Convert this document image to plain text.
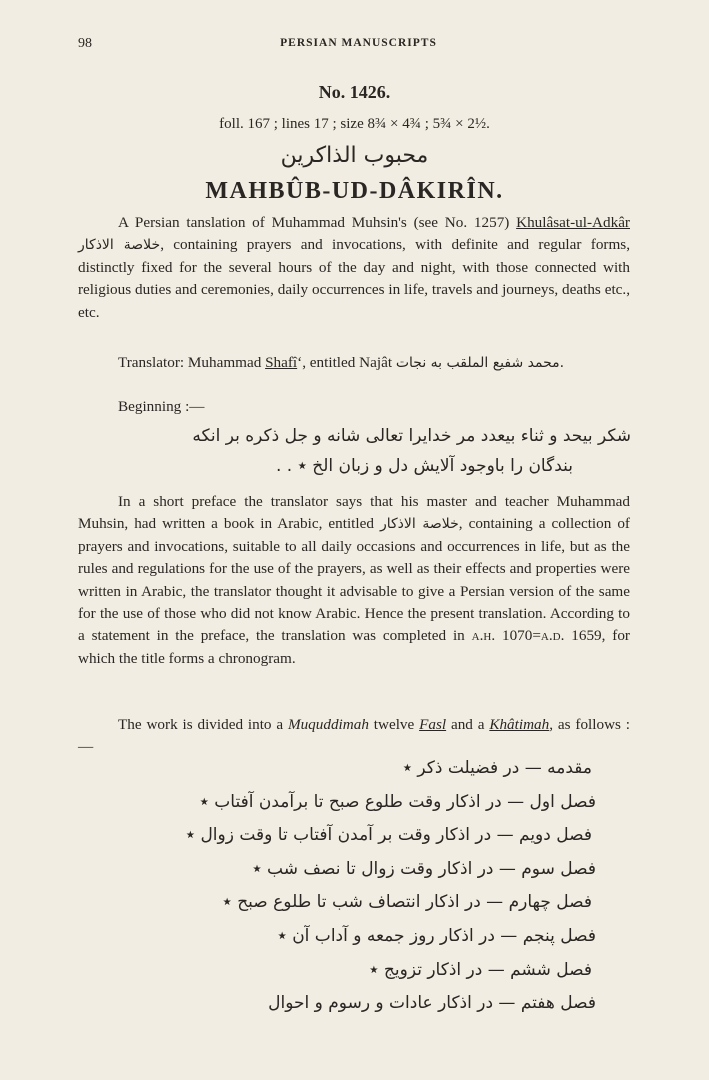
98	PERSIAN MANUSCRIPTS
No. 1426.
foll. 167 ; lines 17 ; size 8¾ × 4¾ ; 5¾ × 2½.
محبوب الذاکرین
MAHBÛB-UD-DÂKIRÎN.

A Persian tanslation of Muhammad Muhsin's (see No. 1257) Khulâsat-ul-Adkâr خلاصة الاذکار, containing prayers and invocations, with definite and regular forms, distinctly fixed for the several hours of the day and night, with those connected with religious duties and ceremonies, daily occurrences in life, travels and journeys, deaths etc., etc.

Translator: Muhammad Shafî‘, entitled Najât محمد شفیع الملقب به نجات.

Beginning :—
شکر بیحد و ثناء بیعدد مر خدایرا تعالی شانه و جل ذکره بر انکه
بندگان را باوجود آلایش دل و زبان الخ ٭ . .

In a short preface the translator says that his master and teacher Muhammad Muhsin, had written a book in Arabic, entitled خلاصة الاذکار, containing a collection of prayers and invocations, suitable to all daily occasions and occurrences in life, but as the rules and regulations for the use of the prayers, as well as their effects and properties were written in Arabic, the translator thought it advisable to give a Persian version of the same for the use of those who did not know Arabic. Hence the present translation. According to a statement in the preface, the translation was completed in a.h. 1070=a.d. 1659, for which the title forms a chronogram.

The work is divided into a Muquddimah twelve Fasl and a Khâtimah, as follows :—

مقدمه — در فضیلت ذکر ٭
فصل اول — در اذکار وقت طلوع صبح تا برآمدن آفتاب ٭
فصل دویم — در اذکار وقت بر آمدن آفتاب تا وقت زوال ٭
فصل سوم — در اذکار وقت زوال تا نصف شب ٭
فصل چهارم — در اذکار انتصاف شب تا طلوع صبح ٭
فصل پنجم — در اذکار روز جمعه و آداب آن ٭
فصل ششم — در اذکار تزویج ٭
فصل هفتم — در اذکار عادات و رسوم و احوال
